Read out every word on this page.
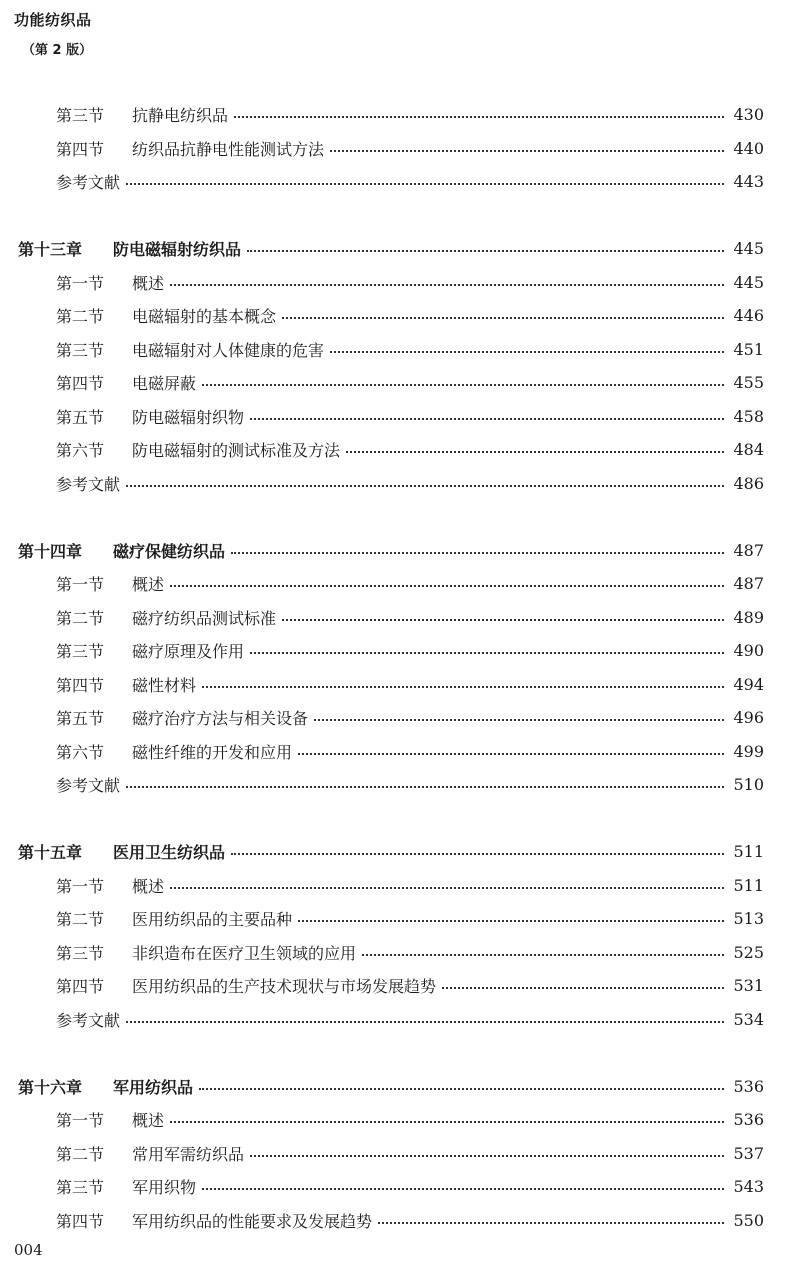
功能纺织品
（第 2 版）
第三节 抗静电纺织品	430
第四节 纺织品抗静电性能测试方法	440
参考文献	443
第十三章 防电磁辐射纺织品	445
第一节 概述	445
第二节 电磁辐射的基本概念	446
第三节 电磁辐射对人体健康的危害	451
第四节 电磁屏蔽	455
第五节 防电磁辐射织物	458
第六节 防电磁辐射的测试标准及方法	484
参考文献	486
第十四章 磁疗保健纺织品	487
第一节 概述	487
第二节 磁疗纺织品测试标准	489
第三节 磁疗原理及作用	490
第四节 磁性材料	494
第五节 磁疗治疗方法与相关设备	496
第六节 磁性纤维的开发和应用	499
参考文献	510
第十五章 医用卫生纺织品	511
第一节 概述	511
第二节 医用纺织品的主要品种	513
第三节 非织造布在医疗卫生领域的应用	525
第四节 医用纺织品的生产技术现状与市场发展趋势	531
参考文献	534
第十六章 军用纺织品	536
第一节 概述	536
第二节 常用军需纺织品	537
第三节 军用织物	543
第四节 军用纺织品的性能要求及发展趋势	550
004
